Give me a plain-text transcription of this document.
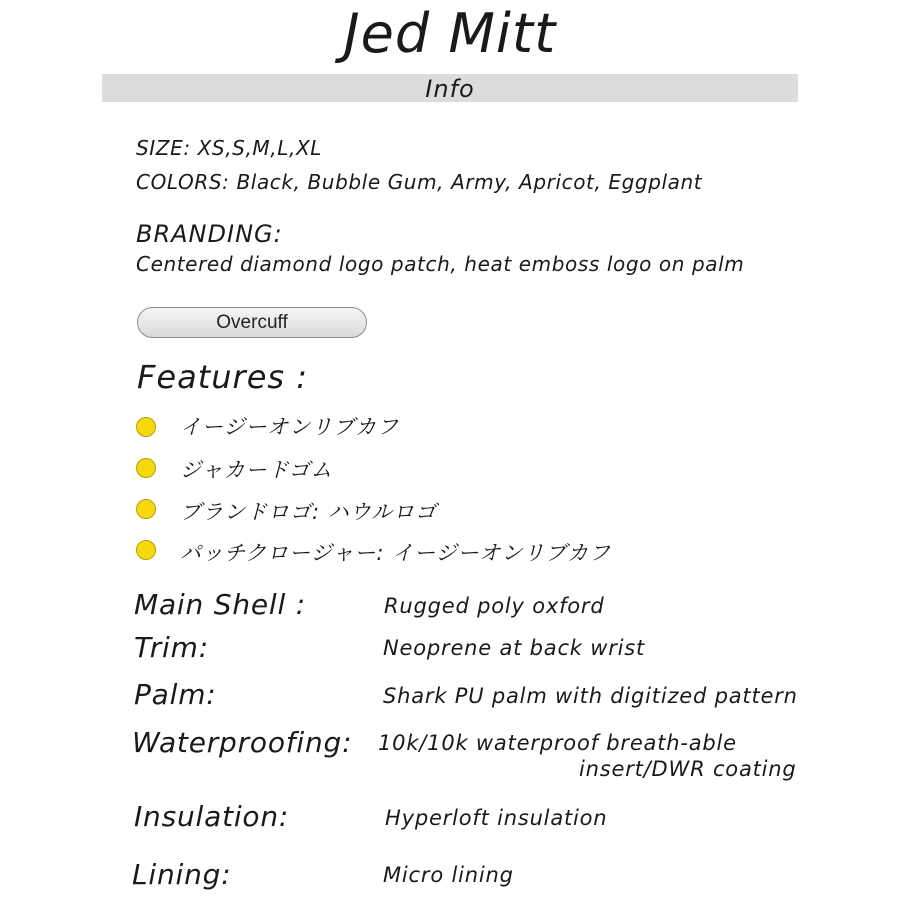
Jed Mitt
Info
SIZE: XS,S,M,L,XL
COLORS: Black, Bubble Gum, Army, Apricot, Eggplant
BRANDING:
Centered diamond logo patch, heat emboss logo on palm
Overcuff
Features :
イージーオンリブカフ
ジャカードゴム
ブランドロゴ: ハウルロゴ
パッチクロージャー: イージーオンリブカフ
Main Shell :	Rugged poly oxford
Trim:	Neoprene at back wrist
Palm:	Shark PU palm with digitized pattern
Waterproofing: 10k/10k waterproof breath-able
insert/DWR coating
Insulation:	Hyperloft insulation
Lining:	Micro lining
